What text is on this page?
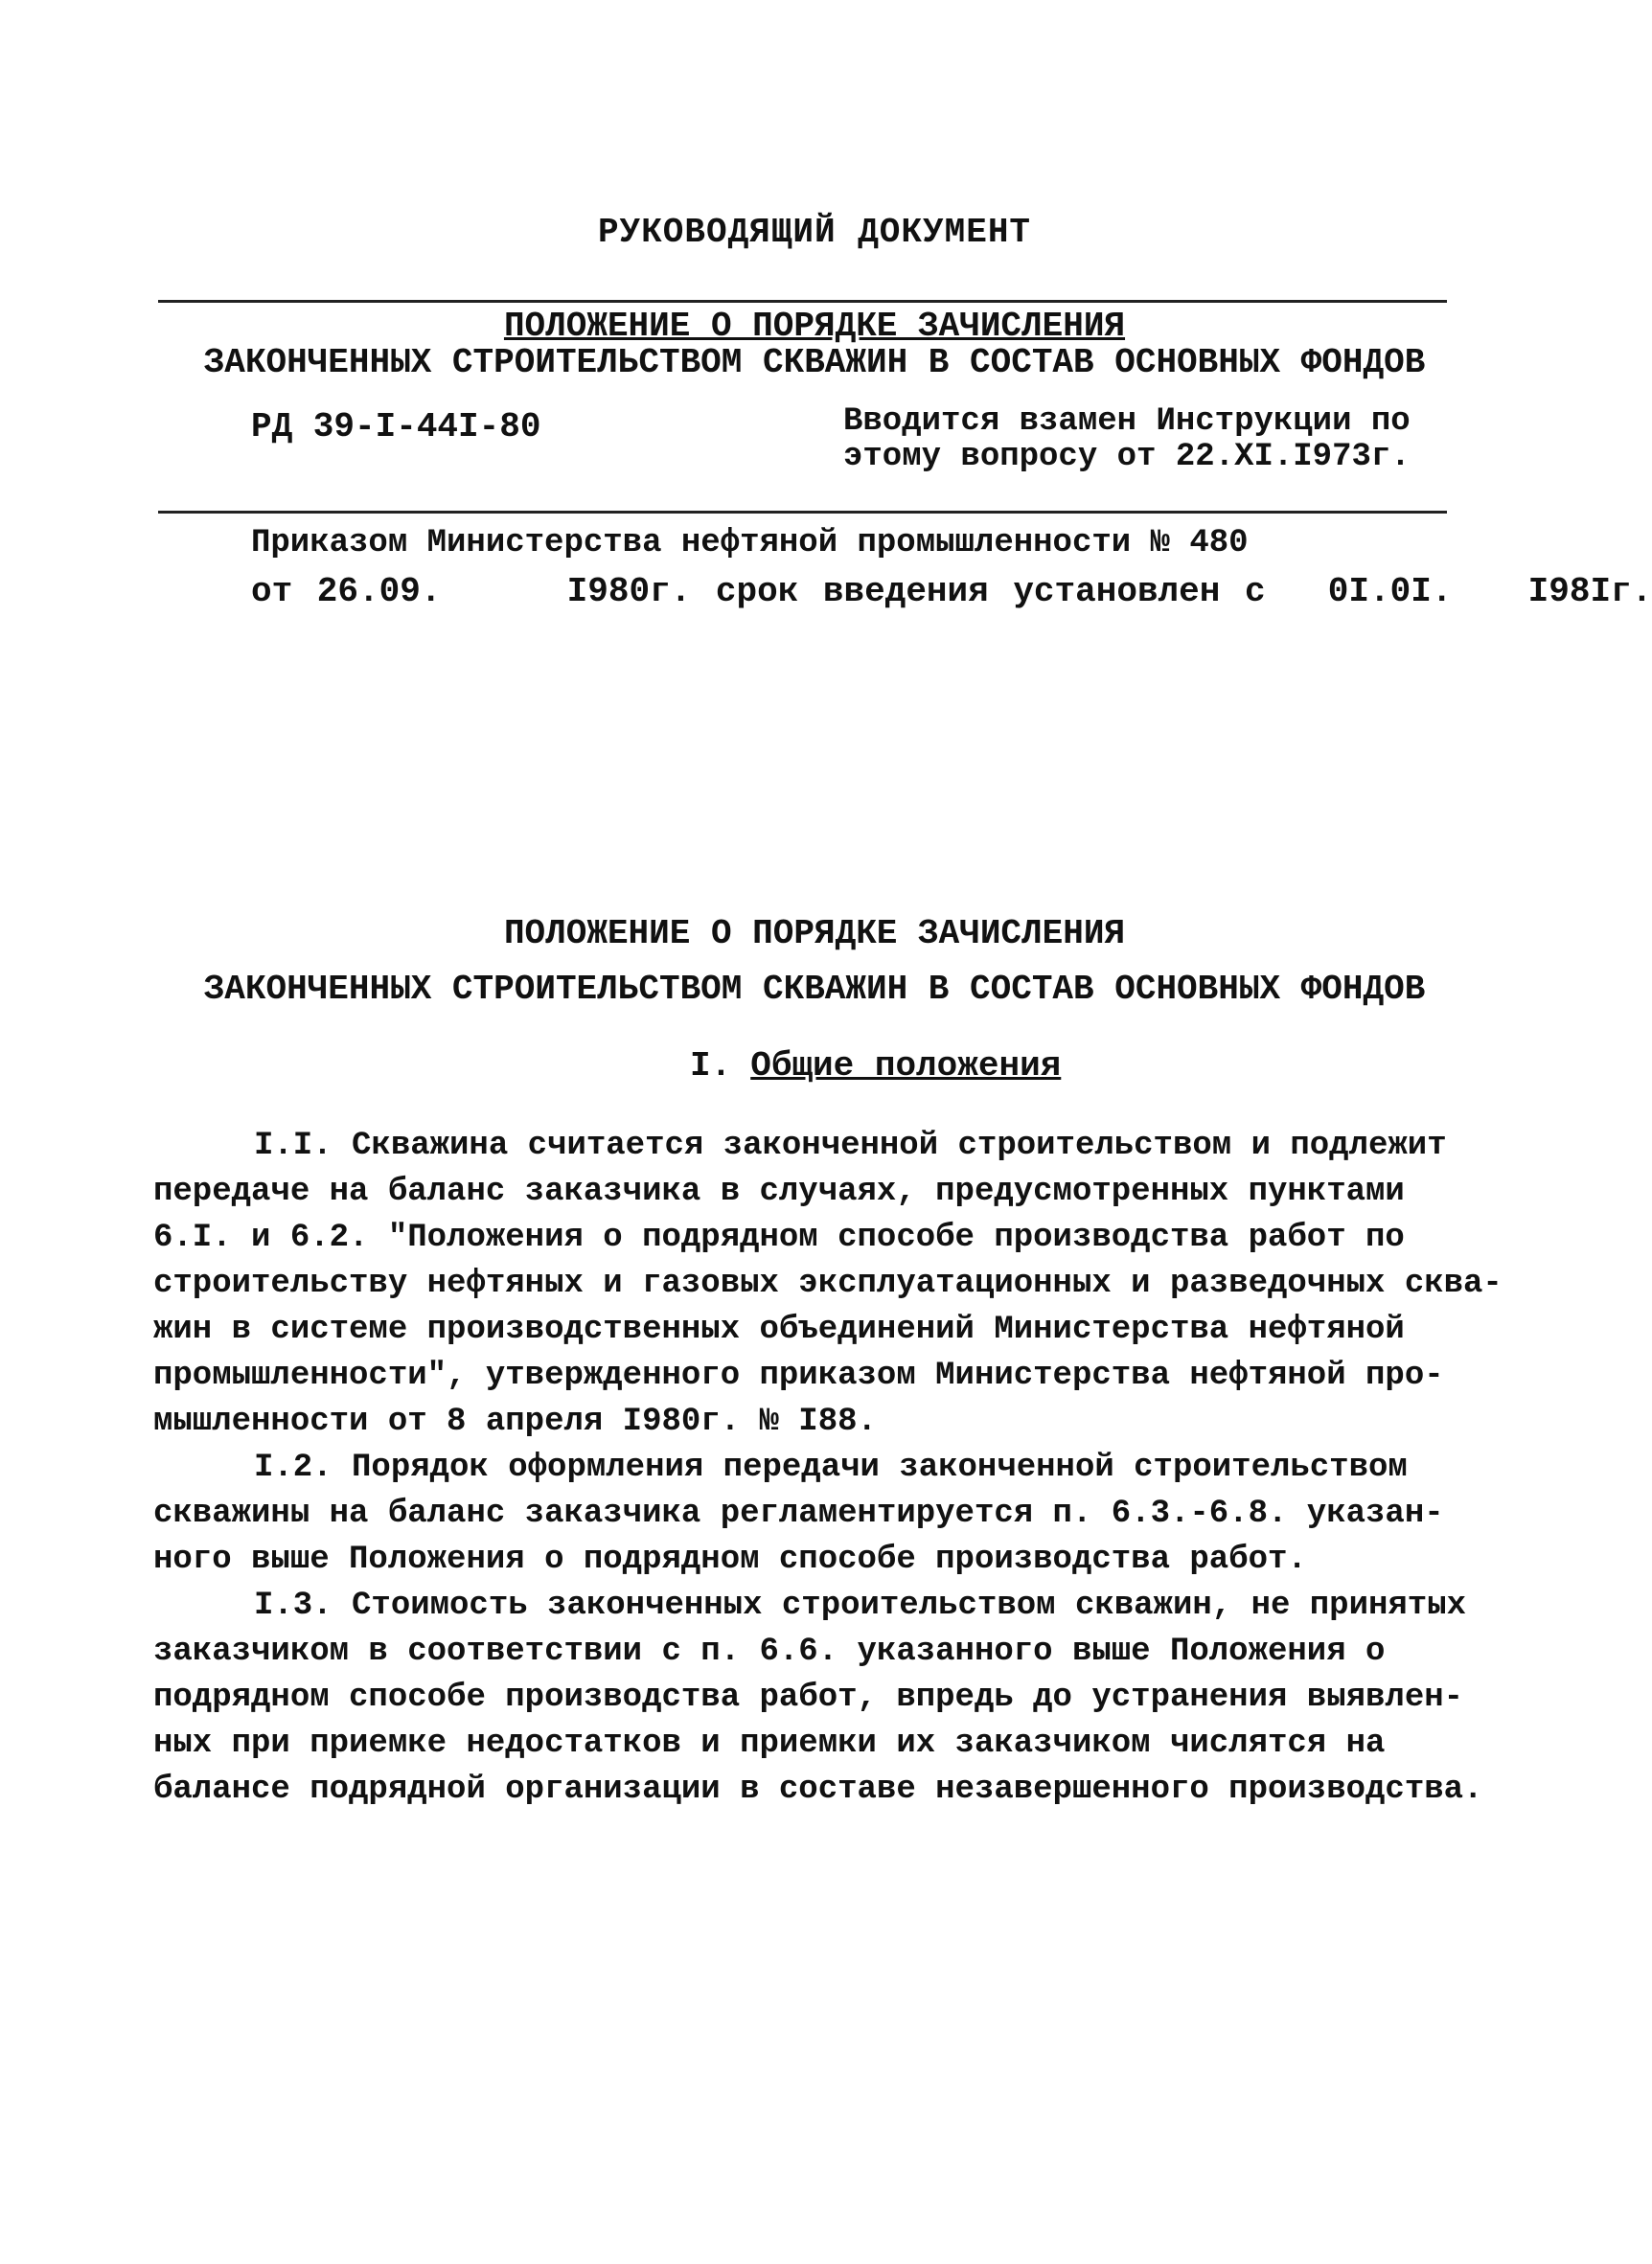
РУКОВОДЯЩИЙ ДОКУМЕНТ
ПОЛОЖЕНИЕ О ПОРЯДКЕ ЗАЧИСЛЕНИЯ
ЗАКОНЧЕННЫХ СТРОИТЕЛЬСТВОМ СКВАЖИН В СОСТАВ ОСНОВНЫХ ФОНДОВ
РД 39-I-44I-80	Вводится взамен Инструкции по
этому вопросу от 22.XI.I973г.
Приказом Министерства нефтяной промышленности № 480
от 26.09.	I980г. срок введения установлен с 0I.0I. I98Iг.
ПОЛОЖЕНИЕ О ПОРЯДКЕ ЗАЧИСЛЕНИЯ
ЗАКОНЧЕННЫХ СТРОИТЕЛЬСТВОМ СКВАЖИН В СОСТАВ ОСНОВНЫХ ФОНДОВ
I. Общие положения
I.I. Скважина считается законченной строительством и подлежит
передаче на баланс заказчика в случаях, предусмотренных пунктами
6.I. и 6.2. "Положения о подрядном способе производства работ по
строительству нефтяных и газовых эксплуатационных и разведочных сква-
жин в системе производственных объединений Министерства нефтяной
промышленности", утвержденного приказом Министерства нефтяной про-
мышленности от 8 апреля I980г. № I88.
I.2. Порядок оформления передачи законченной строительством
скважины на баланс заказчика регламентируется п. 6.3.-6.8. указан-
ного выше Положения о подрядном способе производства работ.
I.3. Стоимость законченных строительством скважин, не принятых
заказчиком в соответствии с п. 6.6. указанного выше Положения о
подрядном способе производства работ, впредь до устранения выявлен-
ных при приемке недостатков и приемки их заказчиком числятся на
балансе подрядной организации в составе незавершенного производства.
